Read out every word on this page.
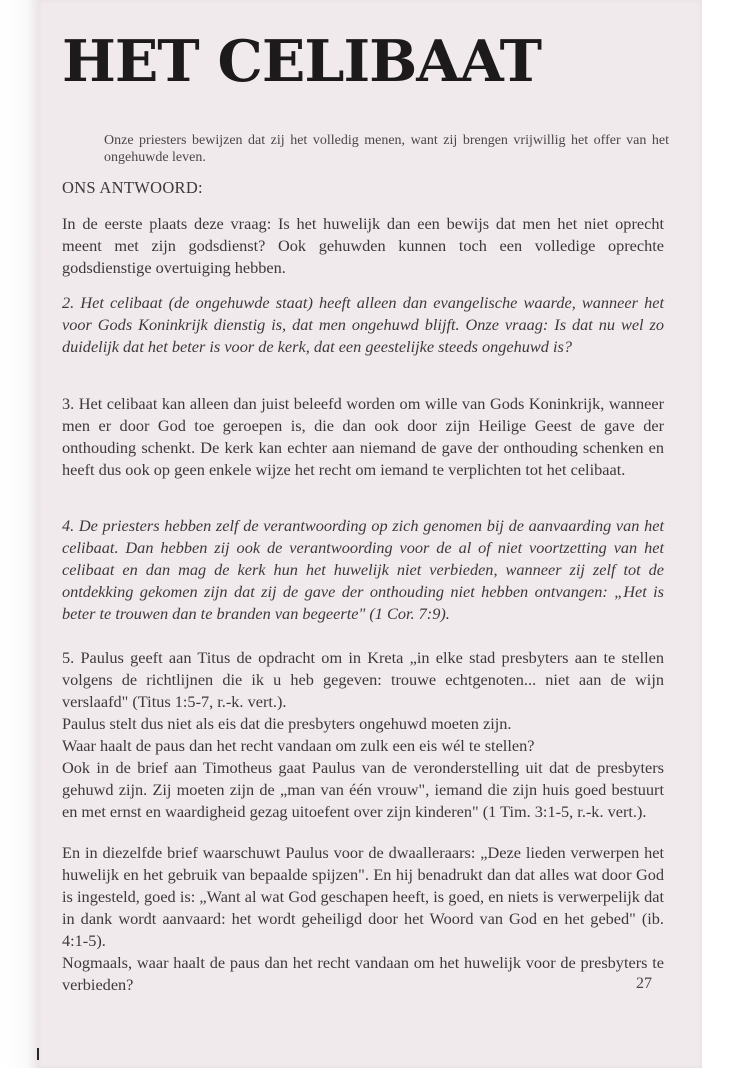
HET CELIBAAT

Onze priesters bewijzen dat zij het volledig menen, want zij brengen vrijwillig het offer van het ongehuwde leven.

ONS ANTWOORD:

In de eerste plaats deze vraag: Is het huwelijk dan een bewijs dat men het niet oprecht meent met zijn godsdienst? Ook gehuwden kunnen toch een volledige oprechte godsdienstige overtuiging hebben.

2. Het celibaat (de ongehuwde staat) heeft alleen dan evangelische waarde, wanneer het voor Gods Koninkrijk dienstig is, dat men ongehuwd blijft. Onze vraag: Is dat nu wel zo duidelijk dat het beter is voor de kerk, dat een geestelijke steeds ongehuwd is?

3. Het celibaat kan alleen dan juist beleefd worden om wille van Gods Koninkrijk, wanneer men er door God toe geroepen is, die dan ook door zijn Heilige Geest de gave der onthouding schenkt. De kerk kan echter aan niemand de gave der onthouding schenken en heeft dus ook op geen enkele wijze het recht om iemand te verplichten tot het celibaat.

4. De priesters hebben zelf de verantwoording op zich genomen bij de aanvaarding van het celibaat. Dan hebben zij ook de verantwoording voor de al of niet voortzetting van het celibaat en dan mag de kerk hun het huwelijk niet verbieden, wanneer zij zelf tot de ontdekking gekomen zijn dat zij de gave der onthouding niet hebben ontvangen: „Het is beter te trouwen dan te branden van begeerte" (1 Cor. 7:9).

5. Paulus geeft aan Titus de opdracht om in Kreta „in elke stad presbyters aan te stellen volgens de richtlijnen die ik u heb gegeven: trouwe echtgenoten... niet aan de wijn verslaafd" (Titus 1:5-7, r.-k. vert.).
Paulus stelt dus niet als eis dat die presbyters ongehuwd moeten zijn.
Waar haalt de paus dan het recht vandaan om zulk een eis wél te stellen?
Ook in de brief aan Timotheus gaat Paulus van de veronderstelling uit dat de presbyters gehuwd zijn. Zij moeten zijn de „man van één vrouw", iemand die zijn huis goed bestuurt en met ernst en waardigheid gezag uitoefent over zijn kinderen" (1 Tim. 3:1-5, r.-k. vert.).

En in diezelfde brief waarschuwt Paulus voor de dwaalleraars: „Deze lieden verwerpen het huwelijk en het gebruik van bepaalde spijzen". En hij benadrukt dan dat alles wat door God is ingesteld, goed is: „Want al wat God geschapen heeft, is goed, en niets is verwerpelijk dat in dank wordt aanvaard: het wordt geheiligd door het Woord van God en het gebed" (ib. 4:1-5).
Nogmaals, waar haalt de paus dan het recht vandaan om het huwelijk voor de presbyters te verbieden?	27
